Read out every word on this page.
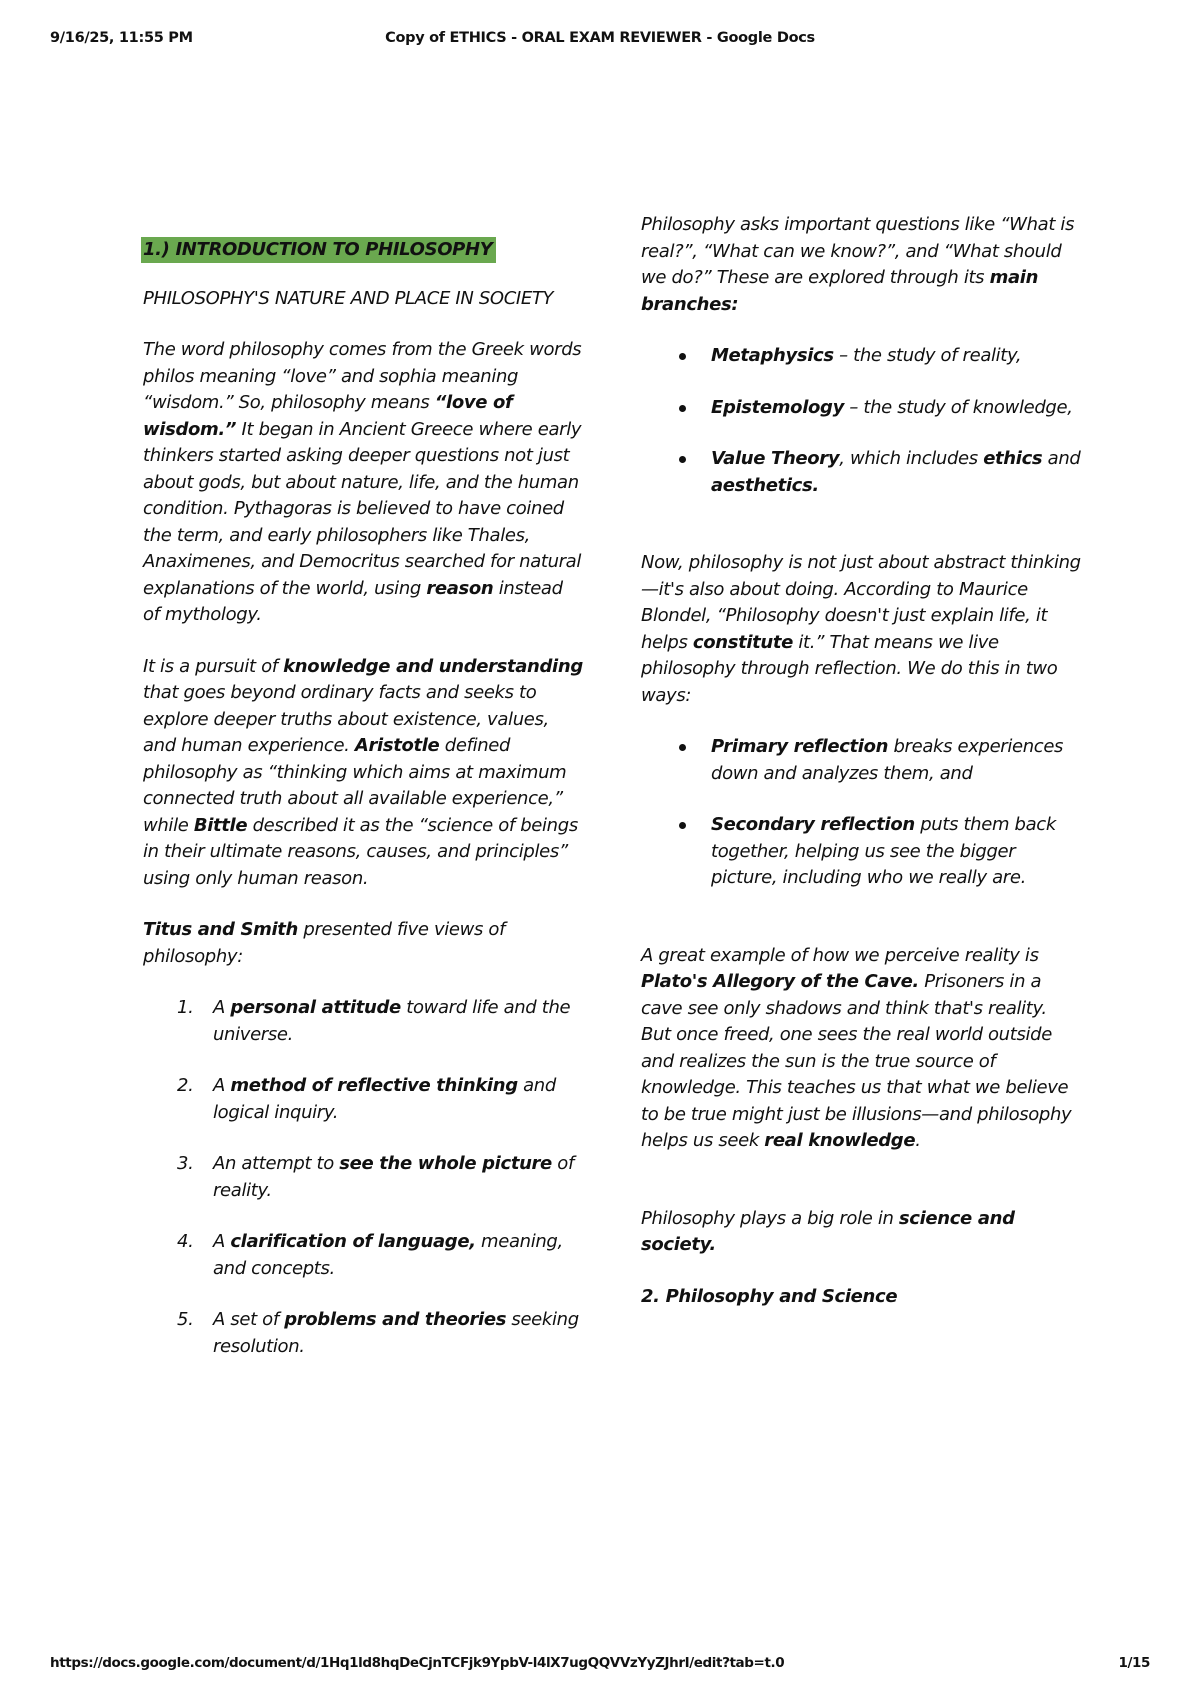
9/16/25, 11:55 PM	Copy of ETHICS - ORAL EXAM REVIEWER - Google Docs

1.) INTRODUCTION TO PHILOSOPHY

PHILOSOPHY'S NATURE AND PLACE IN SOCIETY

The word philosophy comes from the Greek words philos meaning “love” and sophia meaning “wisdom.” So, philosophy means “love of wisdom.” It began in Ancient Greece where early thinkers started asking deeper questions not just about gods, but about nature, life, and the human condition. Pythagoras is believed to have coined the term, and early philosophers like Thales, Anaximenes, and Democritus searched for natural explanations of the world, using reason instead of mythology.

It is a pursuit of knowledge and understanding that goes beyond ordinary facts and seeks to explore deeper truths about existence, values, and human experience. Aristotle defined philosophy as “thinking which aims at maximum connected truth about all available experience,” while Bittle described it as the “science of beings in their ultimate reasons, causes, and principles” using only human reason.

Titus and Smith presented five views of philosophy:

1. A personal attitude toward life and the universe.
2. A method of reflective thinking and logical inquiry.
3. An attempt to see the whole picture of reality.
4. A clarification of language, meaning, and concepts.
5. A set of problems and theories seeking resolution.

Philosophy asks important questions like “What is real?”, “What can we know?”, and “What should we do?” These are explored through its main branches:

Metaphysics – the study of reality,
Epistemology – the study of knowledge,
Value Theory, which includes ethics and aesthetics.

Now, philosophy is not just about abstract thinking—it's also about doing. According to Maurice Blondel, “Philosophy doesn't just explain life, it helps constitute it.” That means we live philosophy through reflection. We do this in two ways:

Primary reflection breaks experiences down and analyzes them, and
Secondary reflection puts them back together, helping us see the bigger picture, including who we really are.

A great example of how we perceive reality is Plato's Allegory of the Cave. Prisoners in a cave see only shadows and think that's reality. But once freed, one sees the real world outside and realizes the sun is the true source of knowledge. This teaches us that what we believe to be true might just be illusions—and philosophy helps us seek real knowledge.

Philosophy plays a big role in science and society.

2. Philosophy and Science

https://docs.google.com/document/d/1Hq1ld8hqDeCjnTCFjk9YpbV-l4lX7ugQQVVzYyZJhrI/edit?tab=t.0	1/15
